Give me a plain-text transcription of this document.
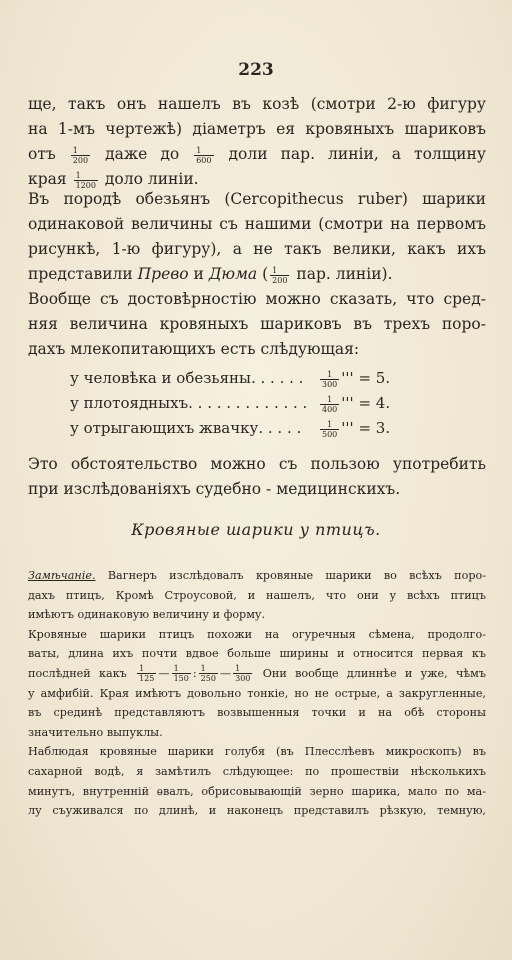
223
ще, такъ онъ нашелъ въ козѣ (смотри 2-ю фигуру
на 1-мъ чертежѣ) діаметръ ея кровяныхъ шариковъ
отъ $\frac{1}{200}$ даже до $\frac{1}{600}$ доли пар. линіи, а толщину
края $\frac{1}{1200}$ доло линіи.
Въ породѣ обезьянъ (Cercopithecus ruber) шарики
одинаковой величины съ нашими (смотри на первомъ
рисункѣ, 1-ю фигуру), а не такъ велики, какъ ихъ
представили Прево и Дюма ( $\frac{1}{200}$ пар. линіи).
Вообще съ достовѣрностію можно сказать, что сред-
няя величина кровяныхъ шариковъ въ трехъ поро-
дахъ млекопитающихъ есть слѣдующая:
у человѣка и обезьяны. . . . . . $\frac{1}{300}$ ''' = 5.
у плотоядныхъ. . . . . . . . . . . . . $\frac{1}{400}$ ''' = 4.
у отрыгающихъ жвачку. . . . . $\frac{1}{500}$ ''' = 3.
Это обстоятельство можно съ пользою употребить
при изслѣдованіяхъ судебно - медицинскихъ.
Кровяные шарики у птицъ.
Замѣчаніе. Вагнеръ изслѣдовалъ кровяные шарики во всѣхъ поро-
дахъ птицъ, Кромѣ Строусовой, и нашелъ, что они у всѣхъ птицъ
имѣютъ одинаковую величину и форму.
Кровяные шарики птицъ похожи на огуречныя сѣмена, продолго-
ваты, длина ихъ почти вдвое больше ширины и относится первая къ
послѣдней какъ $\frac{1}{125}$ — $\frac{1}{150}$ : $\frac{1}{250}$ — $\frac{1}{300}$ Они вообще длиннѣе и уже, чѣмъ
у амфибій. Края имѣютъ довольно тонкіе, но не острые, а закругленные,
въ срединѣ представляютъ возвышенныя точки и на обѣ стороны
значительно выпуклы.
Наблюдая кровяные шарики голубя (въ Плесслѣевъ микроскопъ) въ
сахарной водѣ, я замѣтилъ слѣдующее: по прошествіи нѣсколькихъ
минутъ, внутренній ѳвалъ, обрисовывающій зерно шарика, мало по ма-
лу съуживался по длинѣ, и наконецъ представилъ рѣзкую, темную,
